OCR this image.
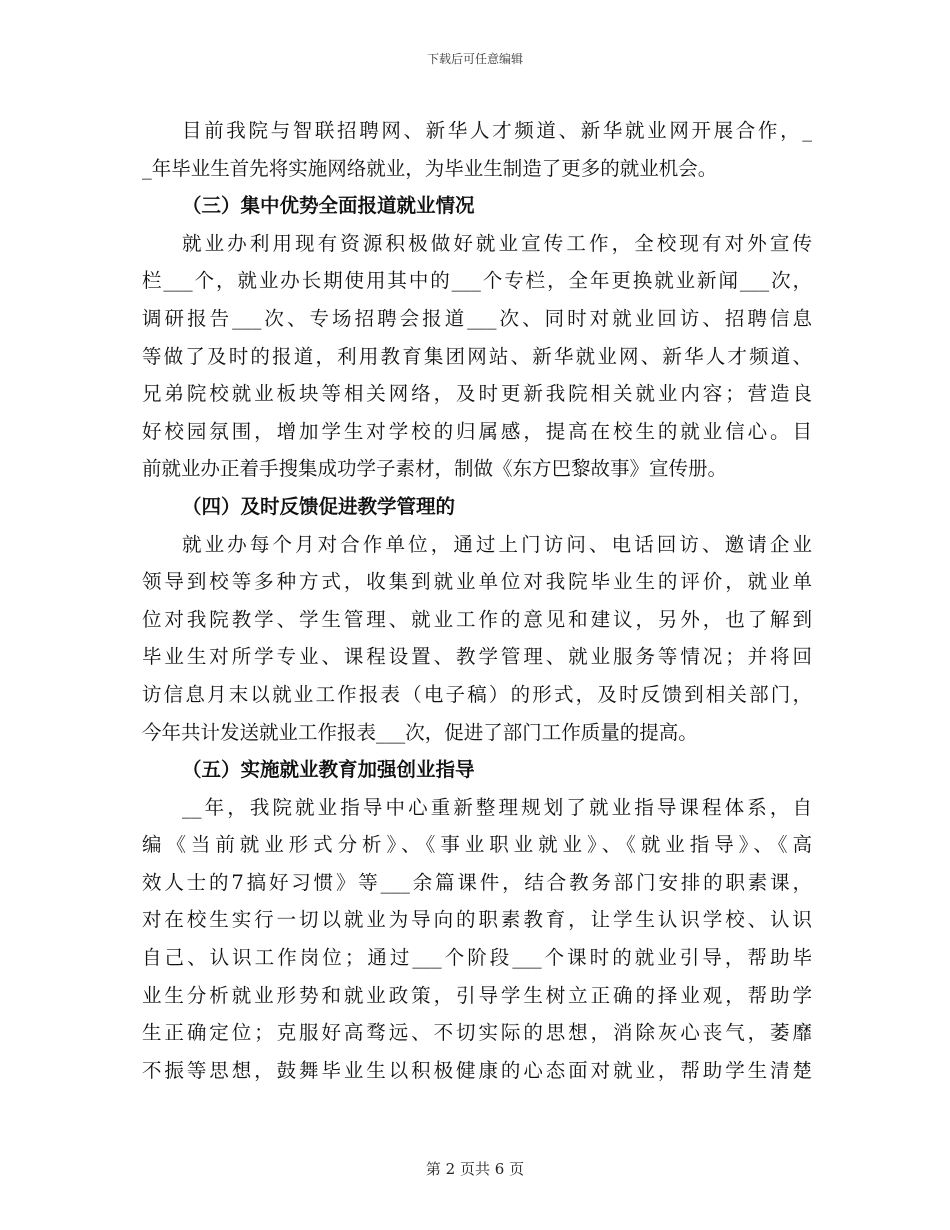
下载后可任意编辑
目前我院与智联招聘网、新华人才频道、新华就业网开展合作，_
_年毕业生首先将实施网络就业，为毕业生制造了更多的就业机会。
（三）集中优势全面报道就业情况
就业办利用现有资源积极做好就业宣传工作，全校现有对外宣传
栏___个，就业办长期使用其中的___个专栏，全年更换就业新闻___次，
调研报告___次、专场招聘会报道___次、同时对就业回访、招聘信息
等做了及时的报道，利用教育集团网站、新华就业网、新华人才频道、
兄弟院校就业板块等相关网络，及时更新我院相关就业内容；营造良
好校园氛围，增加学生对学校的归属感，提高在校生的就业信心。目
前就业办正着手搜集成功学子素材，制做《东方巴黎故事》宣传册。
（四）及时反馈促进教学管理的
就业办每个月对合作单位，通过上门访问、电话回访、邀请企业
领导到校等多种方式，收集到就业单位对我院毕业生的评价，就业单
位对我院教学、学生管理、就业工作的意见和建议，另外，也了解到
毕业生对所学专业、课程设置、教学管理、就业服务等情况；并将回
访信息月末以就业工作报表（电子稿）的形式，及时反馈到相关部门，
今年共计发送就业工作报表___次，促进了部门工作质量的提高。
（五）实施就业教育加强创业指导
__年，我院就业指导中心重新整理规划了就业指导课程体系，自
编《当前就业形式分析》、《事业职业就业》、《就业指导》、《高
效人士的7搞好习惯》等___余篇课件，结合教务部门安排的职素课，
对在校生实行一切以就业为导向的职素教育，让学生认识学校、认识
自己、认识工作岗位；通过___个阶段___个课时的就业引导，帮助毕
业生分析就业形势和就业政策，引导学生树立正确的择业观，帮助学
生正确定位；克服好高骛远、不切实际的思想，消除灰心丧气，萎靡
不振等思想，鼓舞毕业生以积极健康的心态面对就业，帮助学生清楚
第 2 页共 6 页
